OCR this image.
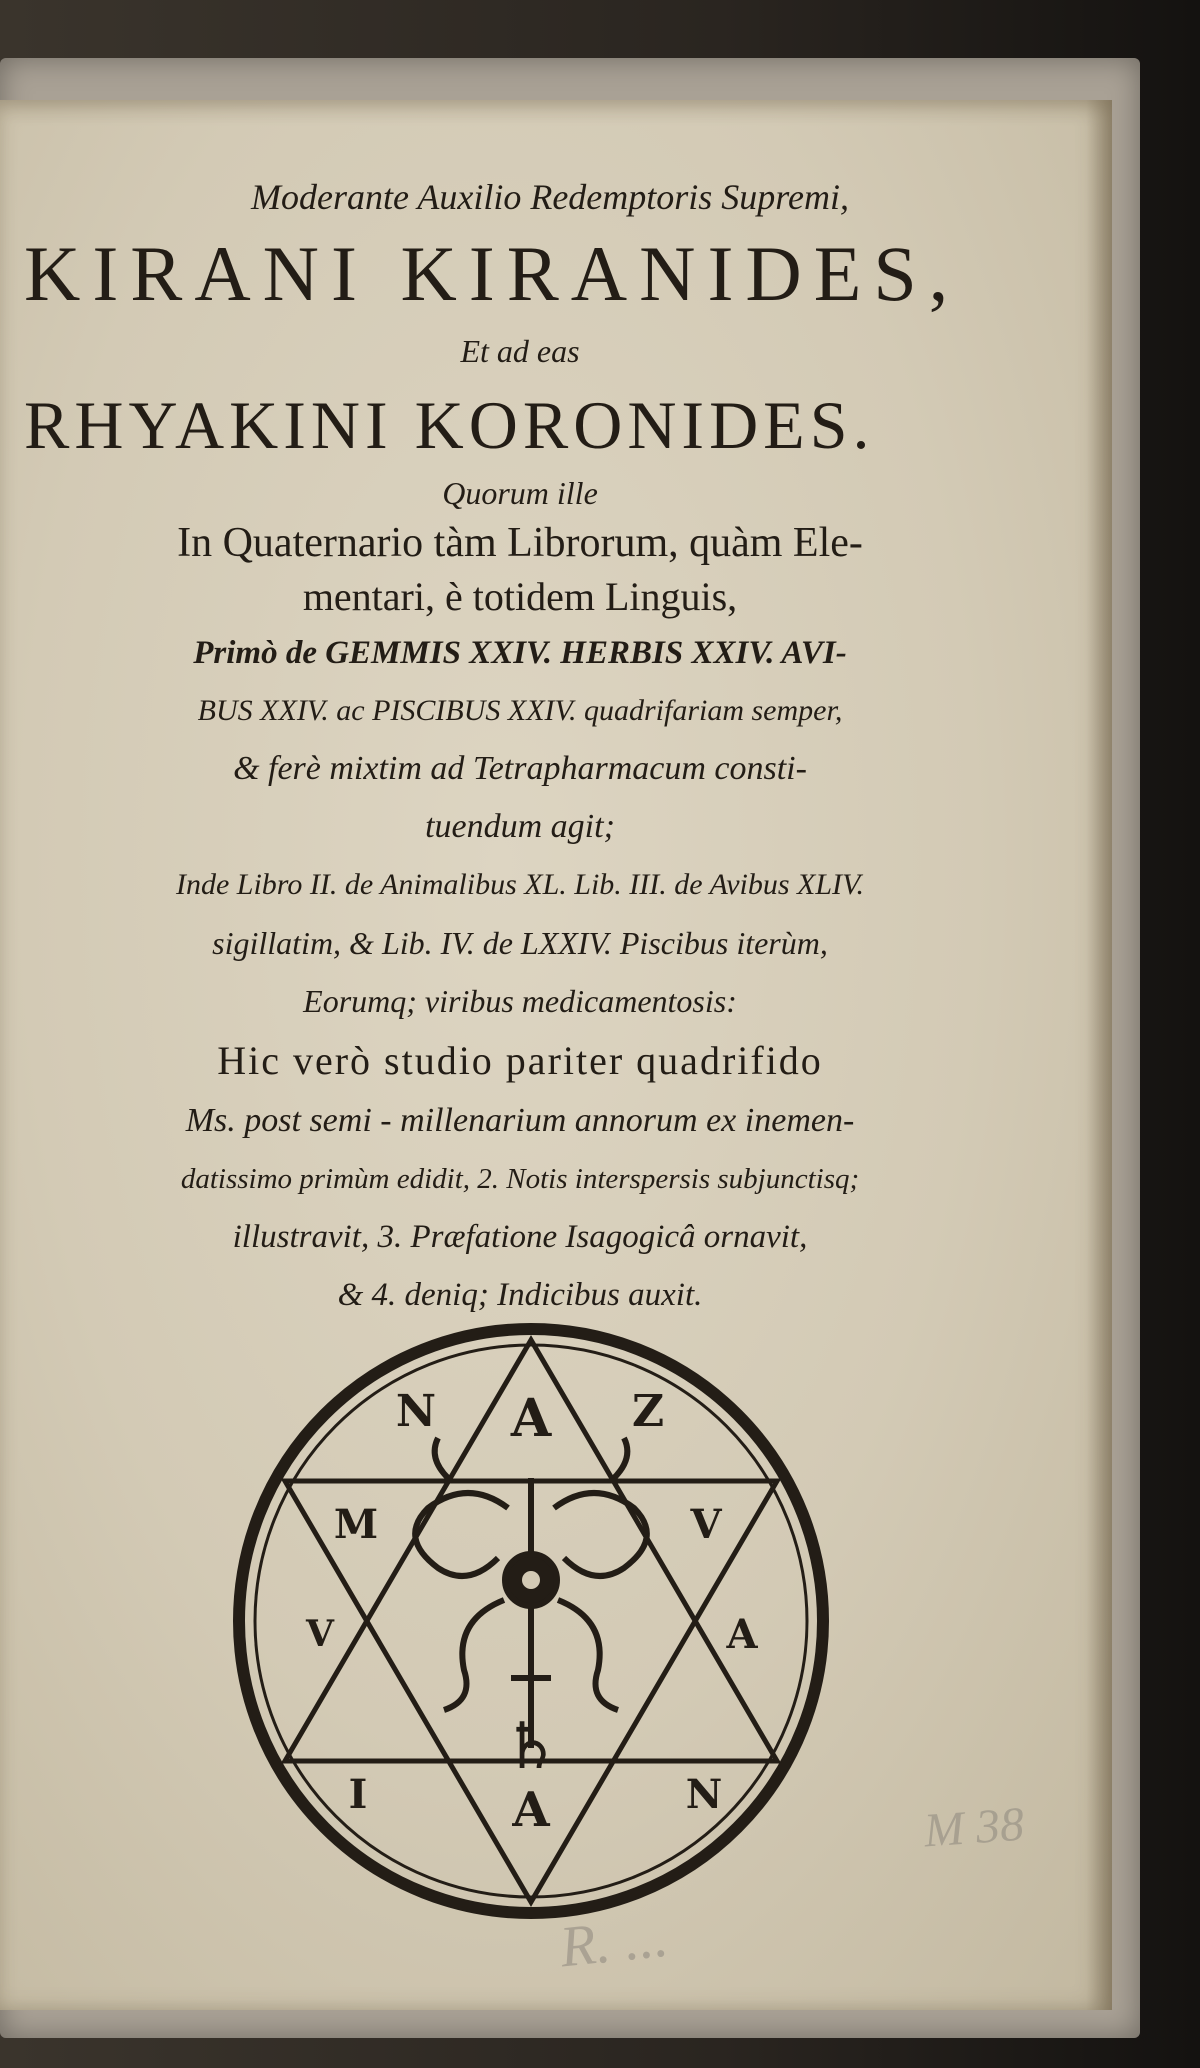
Moderante Auxilio Redemptoris Supremi,
KIRANI KIRANIDES,
Et ad eas
RHYAKINI KORONIDES.
Quorum ille
In Quaternario tàm Librorum, quàm Ele-
mentari, è totidem Linguis,
Primò de GEMMIS XXIV. HERBIS XXIV. AVI-
BUS XXIV. ac PISCIBUS XXIV. quadrifariam semper,
& ferè mixtim ad Tetrapharmacum consti-
tuendum agit;
Inde Libro II. de Animalibus XL. Lib. III. de Avibus XLIV.
sigillatim, & Lib. IV. de LXXIV. Piscibus iterùm,
Eorumq; viribus medicamentosis:
Hic verò studio pariter quadrifido
Ms. post semi - millenarium annorum ex inemen-
datissimo primùm edidit, 2. Notis interspersis subjunctisq;
illustravit, 3. Præfatione Isagogicâ ornavit,
& 4. deniq; Indicibus auxit.
N A Z
M	V
V	A
I	A	N
♄
M 38
R. ...
